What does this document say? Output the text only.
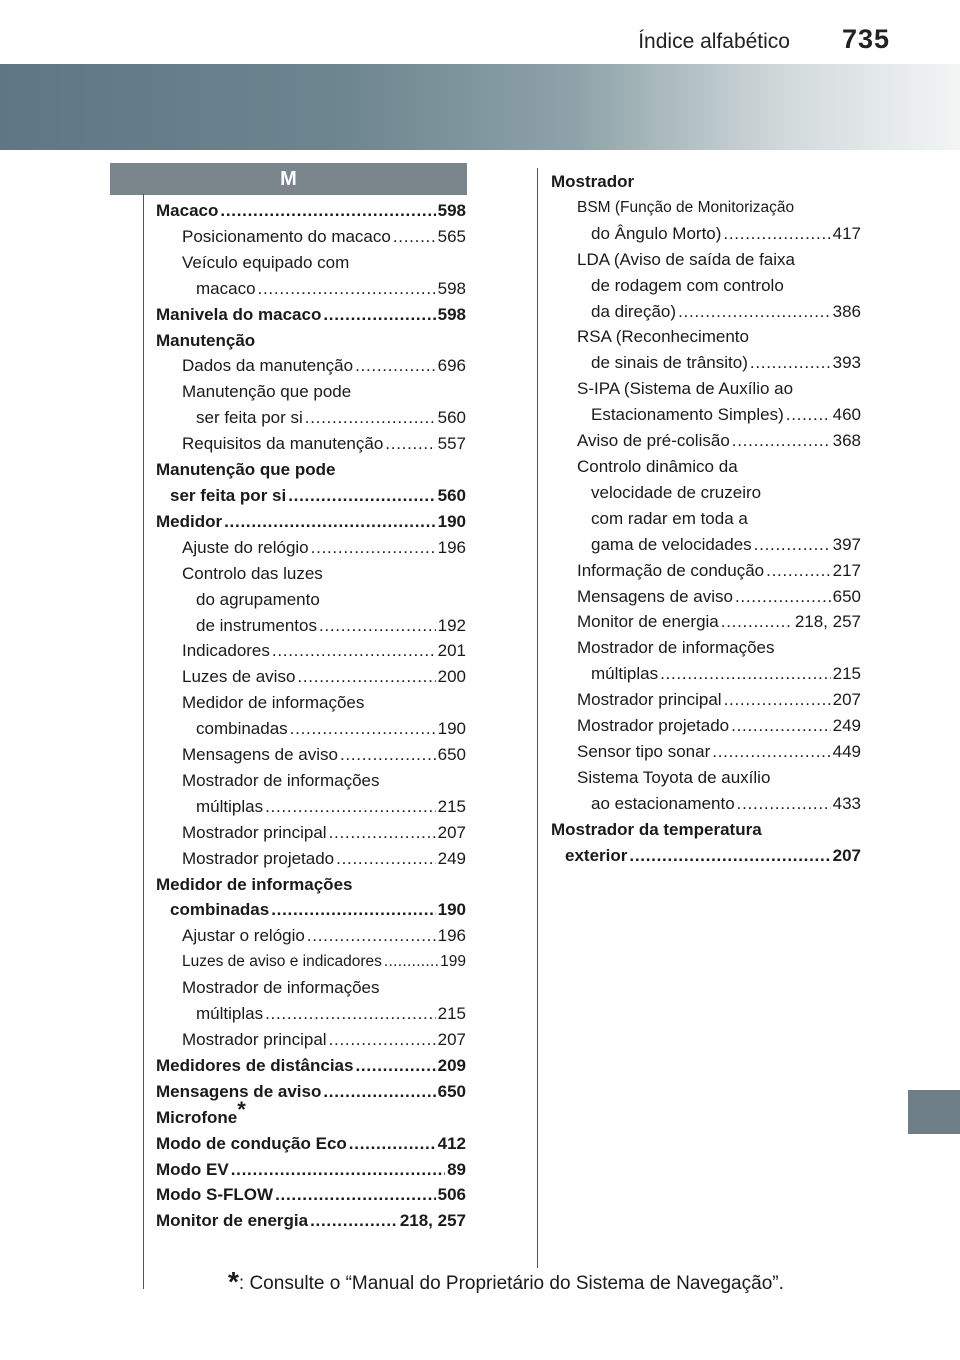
Índice alfabético 735
M
Macaco . . .	598
Posicionamento do macaco . . .	565
Veículo equipado com
macaco . . .	598
Manivela do macaco . . .	598
Manutenção
Dados da manutenção . . .	696
Manutenção que pode
ser feita por si . . .	560
Requisitos da manutenção . . .	557
Manutenção que pode
ser feita por si . . .	560
Medidor . . .	190
Ajuste do relógio . . .	196
Controlo das luzes
do agrupamento
de instrumentos . . .	192
Indicadores . . .	201
Luzes de aviso . . .	200
Medidor de informações
combinadas . . .	190
Mensagens de aviso . . .	650
Mostrador de informações
múltiplas . . .	215
Mostrador principal . . .	207
Mostrador projetado . . .	249
Medidor de informações
combinadas . . .	190
Ajustar o relógio . . .	196
Luzes de aviso e indicadores . . .	199
Mostrador de informações
múltiplas . . .	215
Mostrador principal . . .	207
Medidores de distâncias . . .	209
Mensagens de aviso . . .	650
Microfone*
Modo de condução Eco . . .	412
Modo EV . . .	89
Modo S-FLOW . . .	506
Monitor de energia . . .	218, 257
Mostrador
BSM (Função de Monitorização
do Ângulo Morto) . . .	417
LDA (Aviso de saída de faixa
de rodagem com controlo
da direção) . . .	386
RSA (Reconhecimento
de sinais de trânsito) . . .	393
S-IPA (Sistema de Auxílio ao
Estacionamento Simples) . . .	460
Aviso de pré-colisão . . .	368
Controlo dinâmico da
velocidade de cruzeiro
com radar em toda a
gama de velocidades . . .	397
Informação de condução . . .	217
Mensagens de aviso . . .	650
Monitor de energia . . .	218, 257
Mostrador de informações
múltiplas . . .	215
Mostrador principal . . .	207
Mostrador projetado . . .	249
Sensor tipo sonar . . .	449
Sistema Toyota de auxílio
ao estacionamento . . .	433
Mostrador da temperatura
exterior . . .	207
*: Consulte o “Manual do Proprietário do Sistema de Navegação”.
